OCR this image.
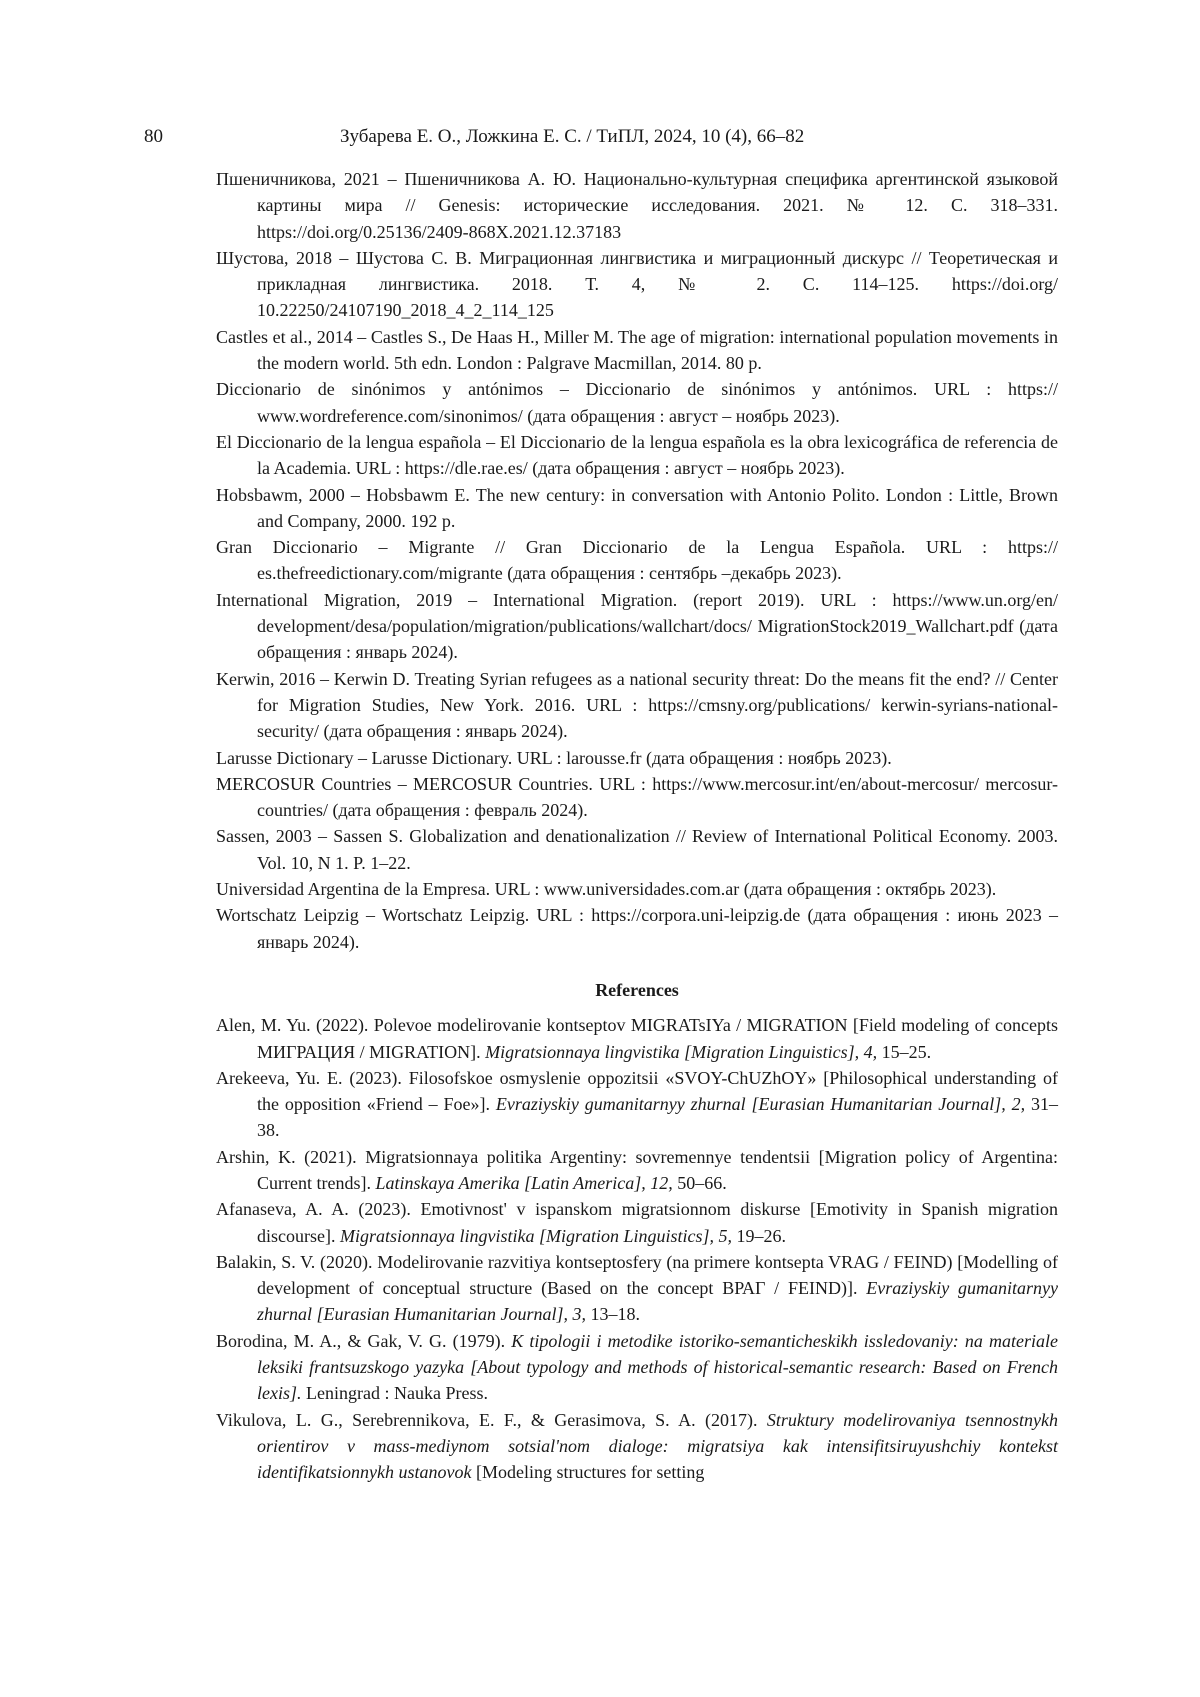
80	Зубарева Е. О., Ложкина Е. С. / ТиПЛ, 2024, 10 (4), 66–82
Пшеничникова, 2021 – Пшеничникова А. Ю. Национально-культурная специфика аргентинской языковой картины мира // Genesis: исторические исследования. 2021. № 12. С. 318–331. https://doi.org/0.25136/2409-868X.2021.12.37183
Шустова, 2018 – Шустова С. В. Миграционная лингвистика и миграционный дискурс // Теоретическая и прикладная лингвистика. 2018. Т. 4, № 2. С. 114–125. https://doi.org/ 10.22250/24107190_2018_4_2_114_125
Castles et al., 2014 – Castles S., De Haas H., Miller M. The age of migration: international population movements in the modern world. 5th edn. London : Palgrave Macmillan, 2014. 80 p.
Diccionario de sinónimos y antónimos – Diccionario de sinónimos y antónimos. URL : https:// www.wordreference.com/sinonimos/ (дата обращения : август – ноябрь 2023).
El Diccionario de la lengua española – El Diccionario de la lengua española es la obra lexicográfica de referencia de la Academia. URL : https://dle.rae.es/ (дата обращения : август – ноябрь 2023).
Hobsbawm, 2000 – Hobsbawm E. The new century: in conversation with Antonio Polito. London : Little, Brown and Company, 2000. 192 p.
Gran Diccionario – Migrante // Gran Diccionario de la Lengua Española. URL : https:// es.thefreedictionary.com/migrante (дата обращения : сентябрь –декабрь 2023).
International Migration, 2019 – International Migration. (report 2019). URL : https://www.un.org/en/ development/desa/population/migration/publications/wallchart/docs/ MigrationStock2019_Wallchart.pdf (дата обращения : январь 2024).
Kerwin, 2016 – Kerwin D. Treating Syrian refugees as a national security threat: Do the means fit the end? // Center for Migration Studies, New York. 2016. URL : https://cmsny.org/publications/ kerwin-syrians-national-security/ (дата обращения : январь 2024).
Larusse Dictionary – Larusse Dictionary. URL : larousse.fr (дата обращения : ноябрь 2023).
MERCOSUR Countries – MERCOSUR Countries. URL : https://www.mercosur.int/en/about-mercosur/ mercosur-countries/ (дата обращения : февраль 2024).
Sassen, 2003 – Sassen S. Globalization and denationalization // Review of International Political Economy. 2003. Vol. 10, N 1. P. 1–22.
Universidad Argentina de la Empresa. URL : www.universidades.com.ar (дата обращения : октябрь 2023).
Wortschatz Leipzig – Wortschatz Leipzig. URL : https://corpora.uni-leipzig.de (дата обращения : июнь 2023 – январь 2024).
References
Alen, M. Yu. (2022). Polevoe modelirovanie kontseptov MIGRATsIYa / MIGRATION [Field modeling of concepts МИГРАЦИЯ / MIGRATION]. Migratsionnaya lingvistika [Migration Linguistics], 4, 15–25.
Arekeeva, Yu. E. (2023). Filosofskoe osmyslenie oppozitsii «SVOY-ChUZhOY» [Philosophical understanding of the opposition «Friend – Foe»]. Evraziyskiy gumanitarnyy zhurnal [Eurasian Humanitarian Journal], 2, 31–38.
Arshin, K. (2021). Migratsionnaya politika Argentiny: sovremennye tendentsii [Migration policy of Argentina: Current trends]. Latinskaya Amerika [Latin America], 12, 50–66.
Afanaseva, A. A. (2023). Emotivnost' v ispanskom migratsionnom diskurse [Emotivity in Spanish migration discourse]. Migratsionnaya lingvistika [Migration Linguistics], 5, 19–26.
Balakin, S. V. (2020). Modelirovanie razvitiya kontseptosfery (na primere kontsepta VRAG / FEIND) [Modelling of development of conceptual structure (Based on the concept ВРАГ / FEIND)]. Evraziyskiy gumanitarnyy zhurnal [Eurasian Humanitarian Journal], 3, 13–18.
Borodina, M. A., & Gak, V. G. (1979). K tipologii i metodike istoriko-semanticheskikh issledovaniy: na materiale leksiki frantsuzskogo yazyka [About typology and methods of historical-semantic research: Based on French lexis]. Leningrad : Nauka Press.
Vikulova, L. G., Serebrennikova, E. F., & Gerasimova, S. A. (2017). Struktury modelirovaniya tsennostnykh orientirov v mass-mediynom sotsial'nom dialoge: migratsiya kak intensifitsiruyushchiy kontekst identifikatsionnykh ustanovok [Modeling structures for setting
